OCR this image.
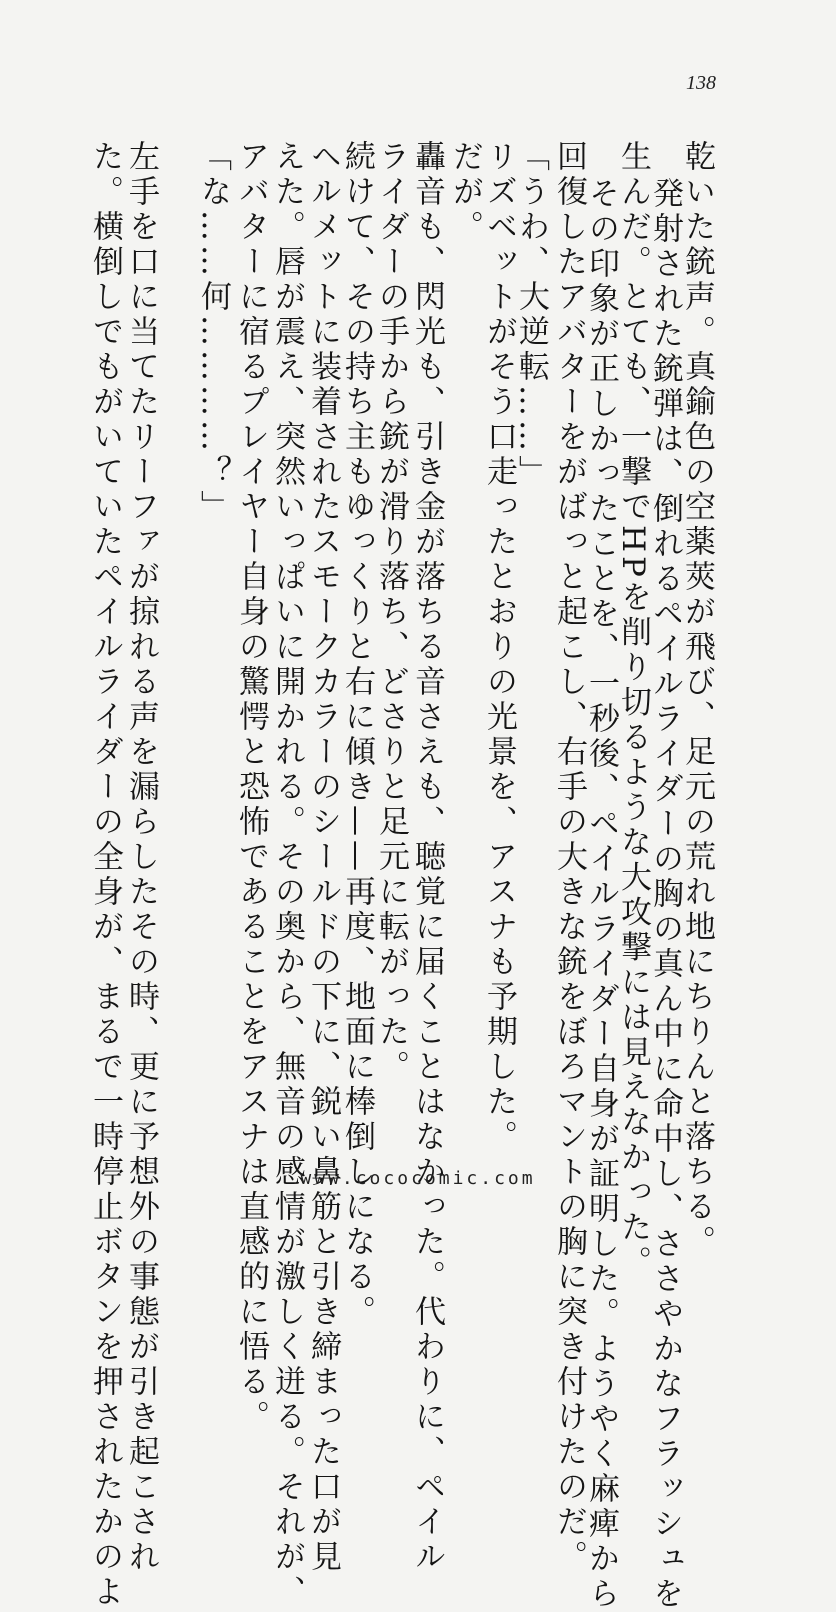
138
乾いた銃声。真鍮色の空薬莢が飛び、足元の荒れ地にちりんと落ちる。
発射された銃弾は、倒れるペイルライダーの胸の真ん中に命中し、ささやかなフラッシュを
生んだ。とても、一撃でHPを削り切るような大攻撃には見えなかった。
その印象が正しかったことを、一秒後、ペイルライダー自身が証明した。ようやく麻痺から
回復したアバターをがばっと起こし、右手の大きな銃をぼろマントの胸に突き付けたのだ。
「うわ、大逆転……」
リズベットがそう口走ったとおりの光景を、アスナも予期した。
だが。
轟音も、閃光も、引き金が落ちる音さえも、聴覚に届くことはなかった。代わりに、ペイル
ライダーの手から銃が滑り落ち、どさりと足元に転がった。
続けて、その持ち主もゆっくりと右に傾き——再度、地面に棒倒しになる。
ヘルメットに装着されたスモークカラーのシールドの下に、鋭い鼻筋と引き締まった口が見
えた。唇が震え、突然いっぱいに開かれる。その奥から、無音の感情が激しく迸る。それが、
アバターに宿るプレイヤー自身の驚愕と恐怖であることをアスナは直感的に悟る。
「な……何…………？」
左手を口に当てたリーファが掠れる声を漏らしたその時、更に予想外の事態が引き起こされ
た。横倒しでもがいていたペイルライダーの全身が、まるで一時停止ボタンを押されたかのよ	www.cococomic.com
